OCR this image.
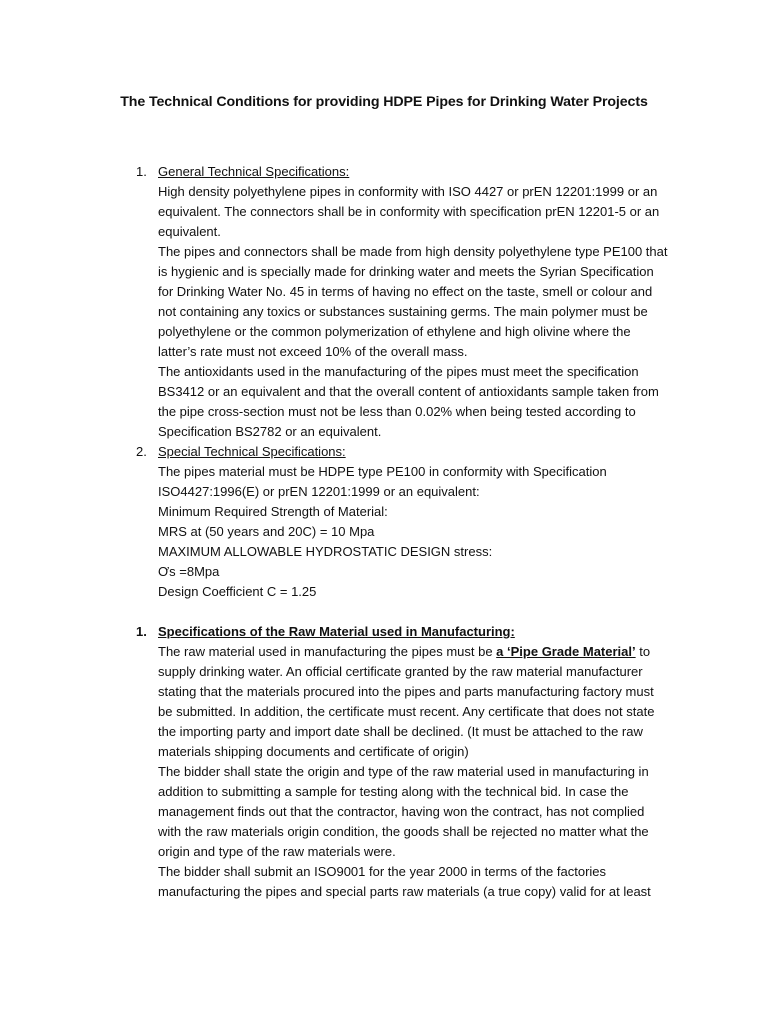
The Technical Conditions for providing HDPE Pipes for Drinking Water Projects
1. General Technical Specifications:

High density polyethylene pipes in conformity with ISO 4427 or prEN 12201:1999 or an equivalent. The connectors shall be in conformity with specification prEN 12201-5 or an equivalent.

The pipes and connectors shall be made from high density polyethylene type PE100 that is hygienic and is specially made for drinking water and meets the Syrian Specification for Drinking Water No. 45 in terms of having no effect on the taste, smell or colour and not containing any toxics or substances sustaining germs. The main polymer must be polyethylene or the common polymerization of ethylene and high olivine where the latter’s rate must not exceed 10% of the overall mass.

The antioxidants used in the manufacturing of the pipes must meet the specification BS3412 or an equivalent and that the overall content of antioxidants sample taken from the pipe cross-section must not be less than 0.02% when being tested according to Specification BS2782 or an equivalent.

2. Special Technical Specifications:

The pipes material must be HDPE type PE100 in conformity with Specification ISO4427:1996(E) or prEN 12201:1999 or an equivalent:

Minimum Required Strength of Material:

MRS at (50 years and 20C) = 10 Mpa

MAXIMUM ALLOWABLE HYDROSTATIC DESIGN stress:

Ơs =8Mpa

Design Coefficient C = 1.25

1. Specifications of the Raw Material used in Manufacturing:

The raw material used in manufacturing the pipes must be a ‘Pipe Grade Material’ to supply drinking water. An official certificate granted by the raw material manufacturer stating that the materials procured into the pipes and parts manufacturing factory must be submitted. In addition, the certificate must recent. Any certificate that does not state the importing party and import date shall be declined. (It must be attached to the raw materials shipping documents and certificate of origin)

The bidder shall state the origin and type of the raw material used in manufacturing in addition to submitting a sample for testing along with the technical bid. In case the management finds out that the contractor, having won the contract, has not complied with the raw materials origin condition, the goods shall be rejected no matter what the origin and type of the raw materials were.

The bidder shall submit an ISO9001 for the year 2000 in terms of the factories manufacturing the pipes and special parts raw materials (a true copy) valid for at least
